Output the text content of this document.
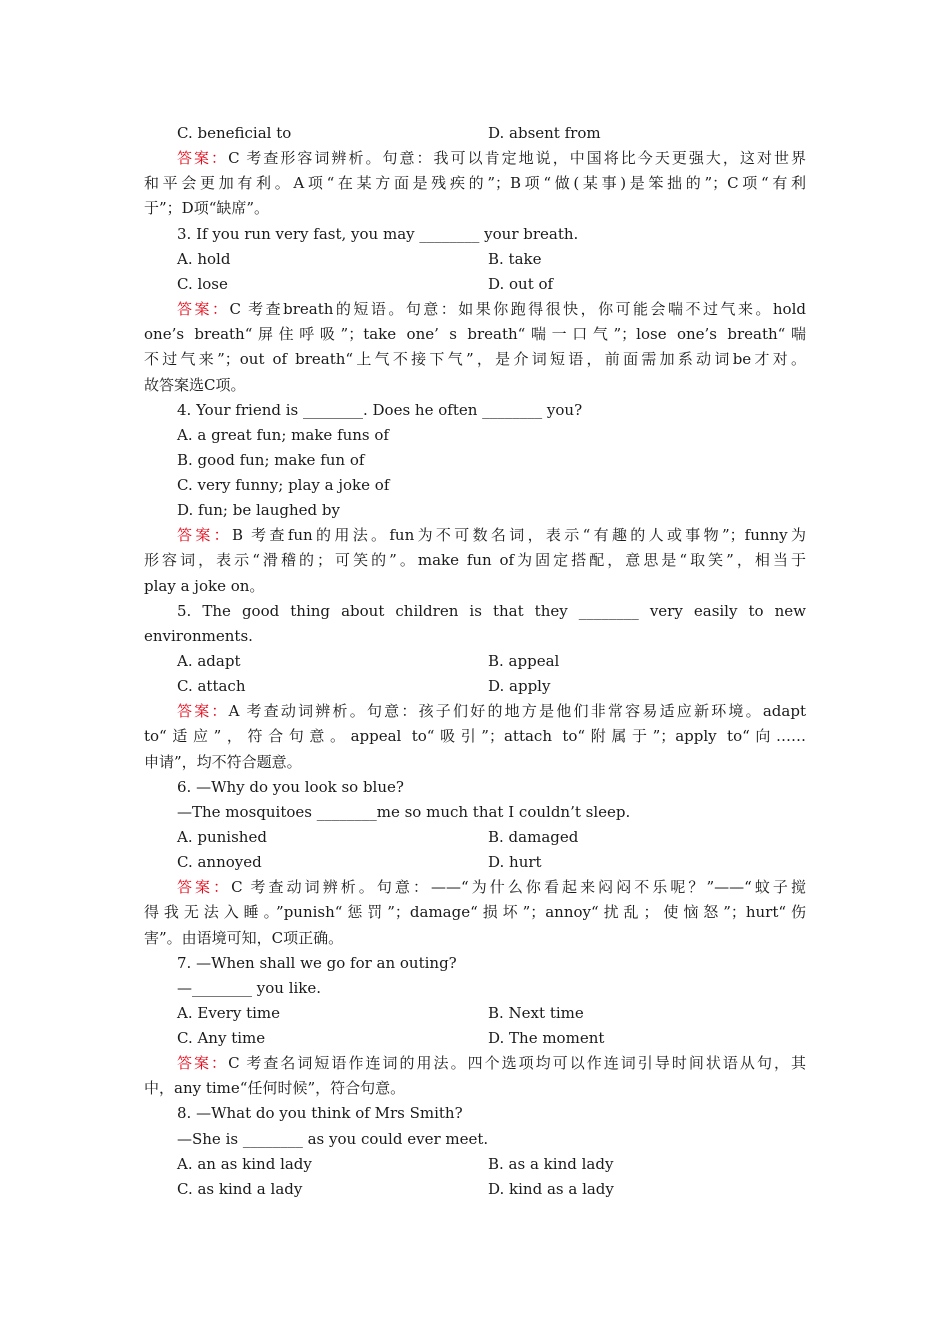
C. beneficial to	D. absent from
答案：C 考查形容词辨析。句意：我可以肯定地说，中国将比今天更强大，这对世界
和平会更加有利。A项“在某方面是残疾的”；B项“做(某事)是笨拙的”；C项“有利
于”；D项“缺席”。
3. If you run very fast, you may ________ your breath.
A. hold	B. take
C. lose	D. out of
答案：C 考查breath的短语。句意：如果你跑得很快，你可能会喘不过气来。hold
one’s breath“屏住呼吸”；take one’ s breath“喘一口气”；lose one’s breath“喘
不过气来”；out of breath“上气不接下气”，是介词短语，前面需加系动词be才对。
故答案选C项。
4. Your friend is ________. Does he often ________ you?
A. a great fun; make funs of
B. good fun; make fun of
C. very funny; play a joke of
D. fun; be laughed by
答案：B 考查fun的用法。fun为不可数名词，表示“有趣的人或事物”；funny为
形容词，表示“滑稽的；可笑的”。make fun of为固定搭配，意思是“取笑”，相当于
play a joke on。
5. The good thing about children is that they ________ very easily to new
environments.
A. adapt	B. appeal
C. attach	D. apply
答案：A 考查动词辨析。句意：孩子们好的地方是他们非常容易适应新环境。adapt
to“适应”，符合句意。appeal to“吸引”；attach to“附属于”；apply to“向……
申请”，均不符合题意。
6. —Why do you look so blue?
—The mosquitoes ________me so much that I couldn’t sleep.
A. punished	B. damaged
C. annoyed	D. hurt
答案：C 考查动词辨析。句意：——“为什么你看起来闷闷不乐呢？”——“蚊子搅
得我无法入睡。”punish“惩罚”；damage“损坏”；annoy“扰乱；使恼怒”；hurt“伤
害”。由语境可知，C项正确。
7. —When shall we go for an outing?
—________ you like.
A. Every time	B. Next time
C. Any time	D. The moment
答案：C 考查名词短语作连词的用法。四个选项均可以作连词引导时间状语从句，其
中，any time“任何时候”，符合句意。
8. —What do you think of Mrs Smith?
—She is ________ as you could ever meet.
A. an as kind lady	B. as a kind lady
C. as kind a lady	D. kind as a lady
